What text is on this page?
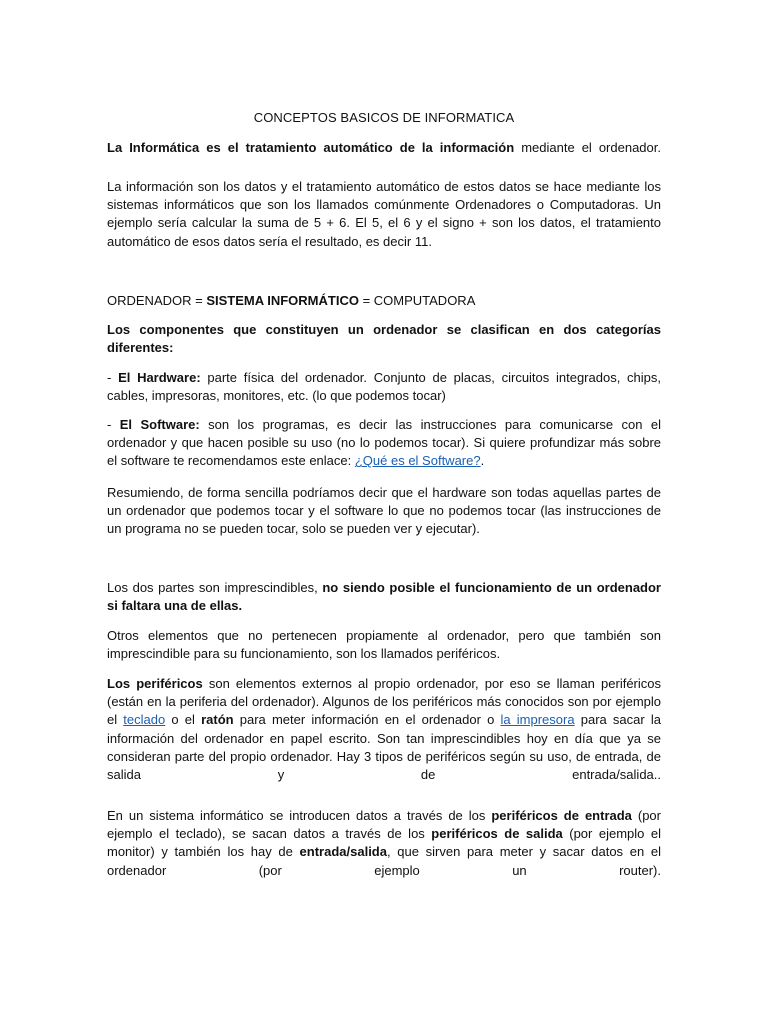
CONCEPTOS BASICOS DE INFORMATICA

La Informática es el tratamiento automático de la información mediante el ordenador.

La información son los datos y el tratamiento automático de estos datos se hace mediante los sistemas informáticos que son los llamados comúnmente Ordenadores o Computadoras. Un ejemplo sería calcular la suma de 5 + 6. El 5, el 6 y el signo + son los datos, el tratamiento automático de esos datos sería el resultado, es decir 11.

ORDENADOR = SISTEMA INFORMÁTICO = COMPUTADORA

Los componentes que constituyen un ordenador se clasifican en dos categorías diferentes:

- El Hardware: parte física del ordenador. Conjunto de placas, circuitos integrados, chips, cables, impresoras, monitores, etc. (lo que podemos tocar)

- El Software: son los programas, es decir las instrucciones para comunicarse con el ordenador y que hacen posible su uso (no lo podemos tocar). Si quiere profundizar más sobre el software te recomendamos este enlace: ¿Qué es el Software?.

Resumiendo, de forma sencilla podríamos decir que el hardware son todas aquellas partes de un ordenador que podemos tocar y el software lo que no podemos tocar (las instrucciones de un programa no se pueden tocar, solo se pueden ver y ejecutar).

Los dos partes son imprescindibles, no siendo posible el funcionamiento de un ordenador si faltara una de ellas.

Otros elementos que no pertenecen propiamente al ordenador, pero que también son imprescindible para su funcionamiento, son los llamados periféricos.

Los periféricos son elementos externos al propio ordenador, por eso se llaman periféricos (están en la periferia del ordenador). Algunos de los periféricos más conocidos son por ejemplo el teclado o el ratón para meter información en el ordenador o la impresora para sacar la información del ordenador en papel escrito. Son tan imprescindibles hoy en día que ya se consideran parte del propio ordenador. Hay 3 tipos de periféricos según su uso, de entrada, de salida y de entrada/salida..

En un sistema informático se introducen datos a través de los periféricos de entrada (por ejemplo el teclado), se sacan datos a través de los periféricos de salida (por ejemplo el monitor) y también los hay de entrada/salida, que sirven para meter y sacar datos en el ordenador (por ejemplo un router).
